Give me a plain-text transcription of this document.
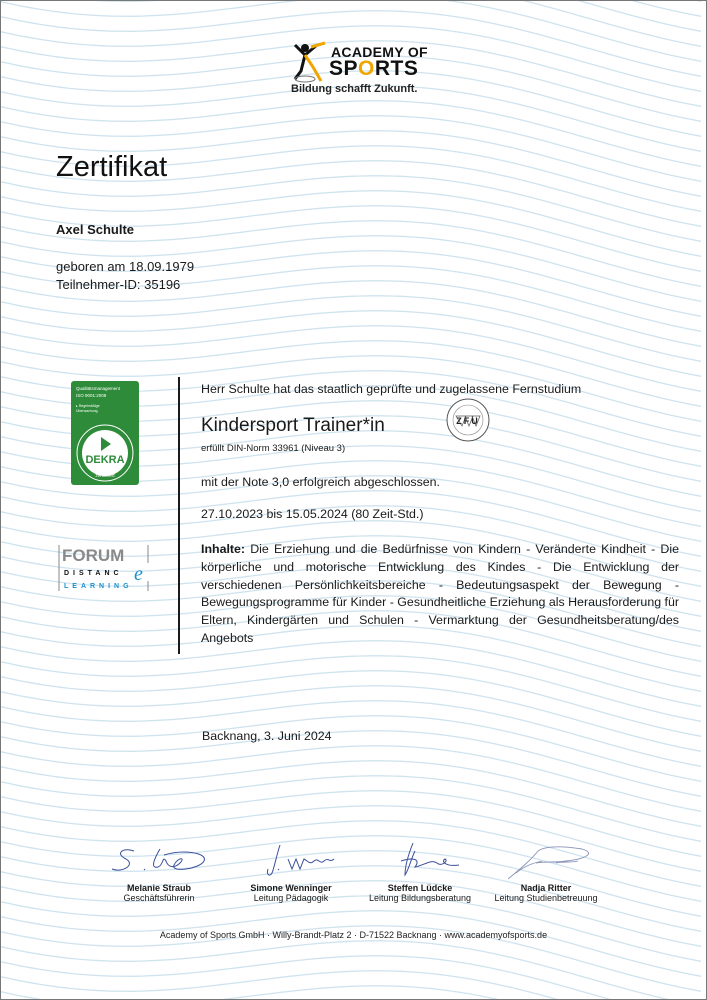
ACADEMY OF
SPORTS
Bildung schafft Zukunft.
Zertifikat
Axel Schulte
geboren am 18.09.1979
Teilnehmer-ID: 35196
Qualitätsmanagement
ISO 9001:2008
▸ Regelmäßige
Überwachung
DEKRA
zertifiziert
FORUM
DISTANC
LEARNING
e
Herr Schulte hat das staatlich geprüfte und zugelassene Fernstudium
Kindersport Trainer*in
erfüllt DIN-Norm 33961 (Niveau 3)
ZFU
mit der Note 3,0 erfolgreich abgeschlossen.
27.10.2023 bis 15.05.2024 (80 Zeit-Std.)
Inhalte: Die Erziehung und die Bedürfnisse von Kindern - Veränderte Kindheit - Die körperliche und motorische Entwicklung des Kindes - Die Entwicklung der verschiedenen Persönlichkeitsbereiche - Bedeutungsaspekt der Bewegung - Bewegungsprogramme für Kinder - Gesundheitliche Erziehung als Herausforderung für Eltern, Kindergärten und Schulen - Vermarktung der Gesundheitsberatung/des Angebots
Backnang, 3. Juni 2024
Melanie Straub
Geschäftsführerin
Simone Wenninger
Leitung Pädagogik
Steffen Lüdcke
Leitung Bildungsberatung
Nadja Ritter
Leitung Studienbetreuung
Academy of Sports GmbH · Willy-Brandt-Platz 2 · D-71522 Backnang · www.academyofsports.de
